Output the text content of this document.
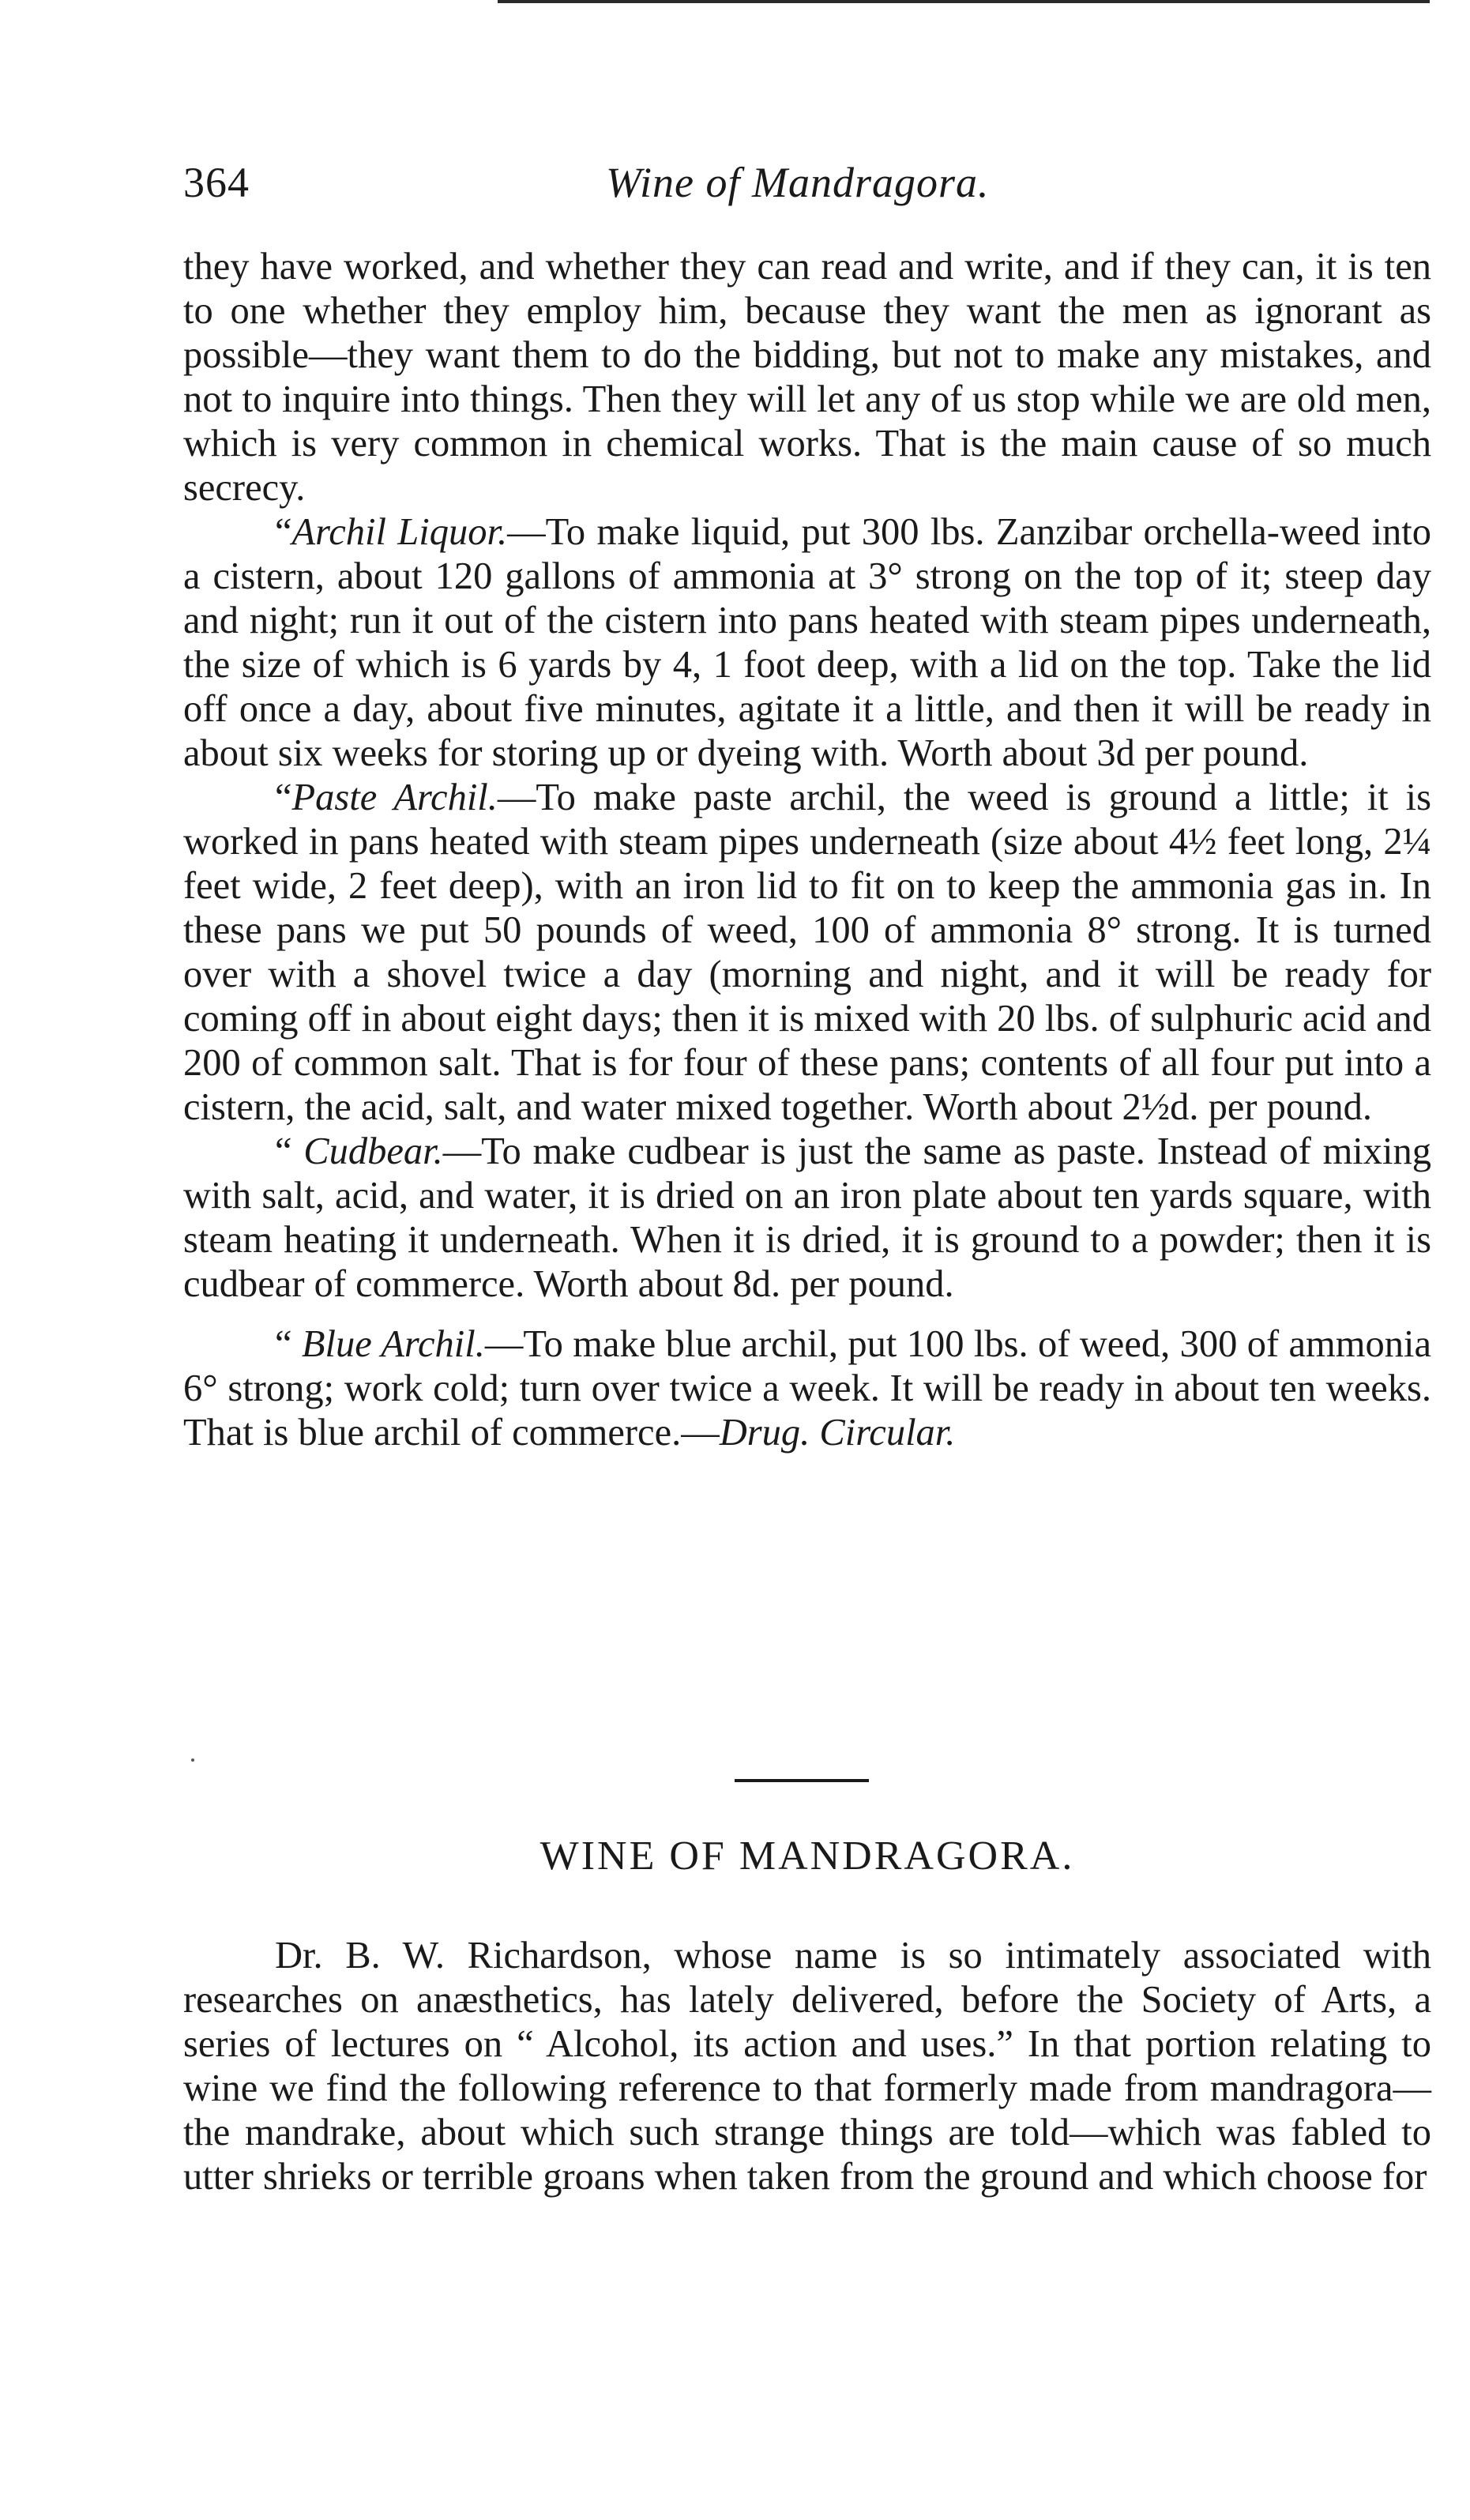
364	Wine of Mandragora.

they have worked, and whether they can read and write, and if they can, it is ten to one whether they employ him, because they want the men as ignorant as possible—they want them to do the bidding, but not to make any mistakes, and not to inquire into things. Then they will let any of us stop while we are old men, which is very common in chemical works. That is the main cause of so much secrecy.

“Archil Liquor.—To make liquid, put 300 lbs. Zanzibar orchella-weed into a cistern, about 120 gallons of ammonia at 3° strong on the top of it; steep day and night; run it out of the cistern into pans heated with steam pipes underneath, the size of which is 6 yards by 4, 1 foot deep, with a lid on the top. Take the lid off once a day, about five minutes, agitate it a little, and then it will be ready in about six weeks for storing up or dyeing with. Worth about 3d per pound.

“Paste Archil.—To make paste archil, the weed is ground a little; it is worked in pans heated with steam pipes underneath (size about 4½ feet long, 2¼ feet wide, 2 feet deep), with an iron lid to fit on to keep the ammonia gas in. In these pans we put 50 pounds of weed, 100 of ammonia 8° strong. It is turned over with a shovel twice a day (morning and night, and it will be ready for coming off in about eight days; then it is mixed with 20 lbs. of sulphuric acid and 200 of common salt. That is for four of these pans; contents of all four put into a cistern, the acid, salt, and water mixed together. Worth about 2½d. per pound.

“ Cudbear.—To make cudbear is just the same as paste. Instead of mixing with salt, acid, and water, it is dried on an iron plate about ten yards square, with steam heating it underneath. When it is dried, it is ground to a powder; then it is cudbear of commerce. Worth about 8d. per pound.

“ Blue Archil.—To make blue archil, put 100 lbs. of weed, 300 of ammonia 6° strong; work cold; turn over twice a week. It will be ready in about ten weeks. That is blue archil of commerce.—Drug. Circular.

WINE OF MANDRAGORA.

Dr. B. W. Richardson, whose name is so intimately associated with researches on anæsthetics, has lately delivered, before the Society of Arts, a series of lectures on “ Alcohol, its action and uses.” In that portion relating to wine we find the following reference to that formerly made from mandragora—the mandrake, about which such strange things are told—which was fabled to utter shrieks or terrible groans when taken from the ground and which choose for
